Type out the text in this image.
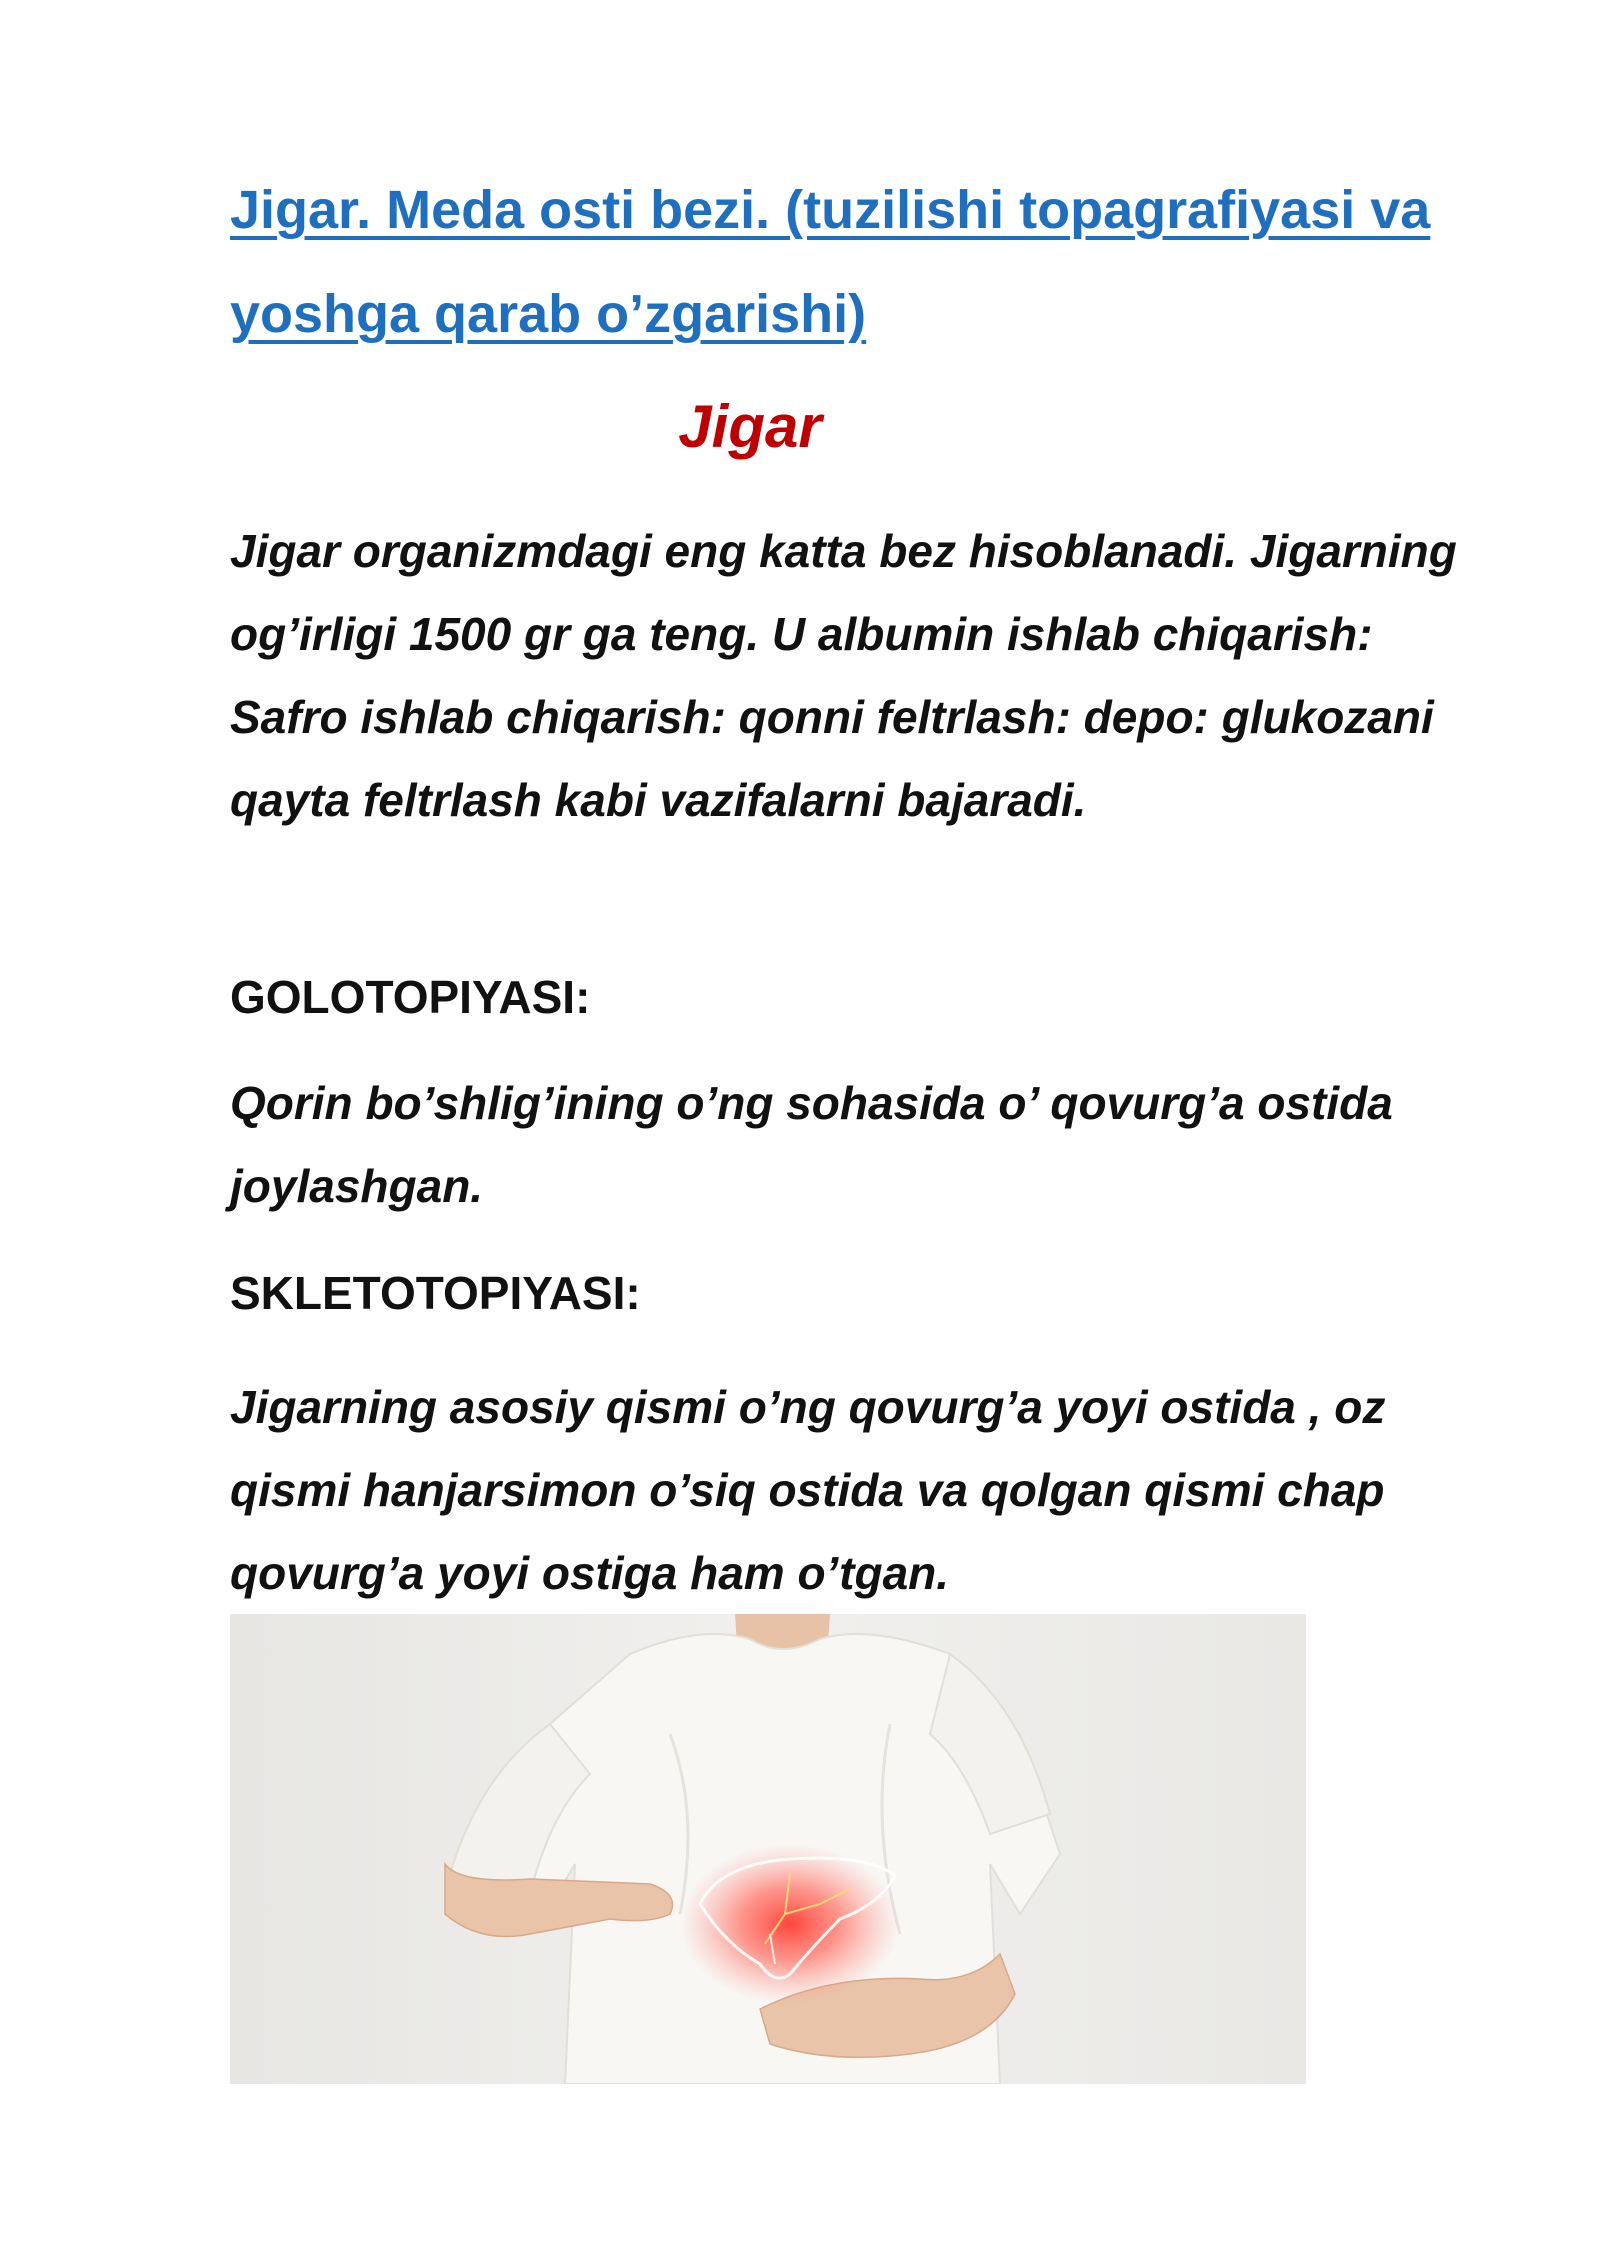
Jigar. Meda osti bezi. (tuzilishi topagrafiyasi va yoshga qarab o’zgarishi)
Jigar

Jigar organizmdagi eng katta bez hisoblanadi. Jigarning og’irligi 1500 gr ga teng. U albumin ishlab chiqarish: Safro ishlab chiqarish: qonni feltrlash: depo: glukozani qayta feltrlash kabi vazifalarni bajaradi.

GOLOTOPIYASI:

Qorin bo’shlig’ining o’ng sohasida o’ qovurg’a ostida joylashgan.

SKLETOTOPIYASI:

Jigarning asosiy qismi o’ng qovurg’a yoyi ostida , oz qismi hanjarsimon o’siq ostida va qolgan qismi chap qovurg’a yoyi ostiga ham o’tgan.
